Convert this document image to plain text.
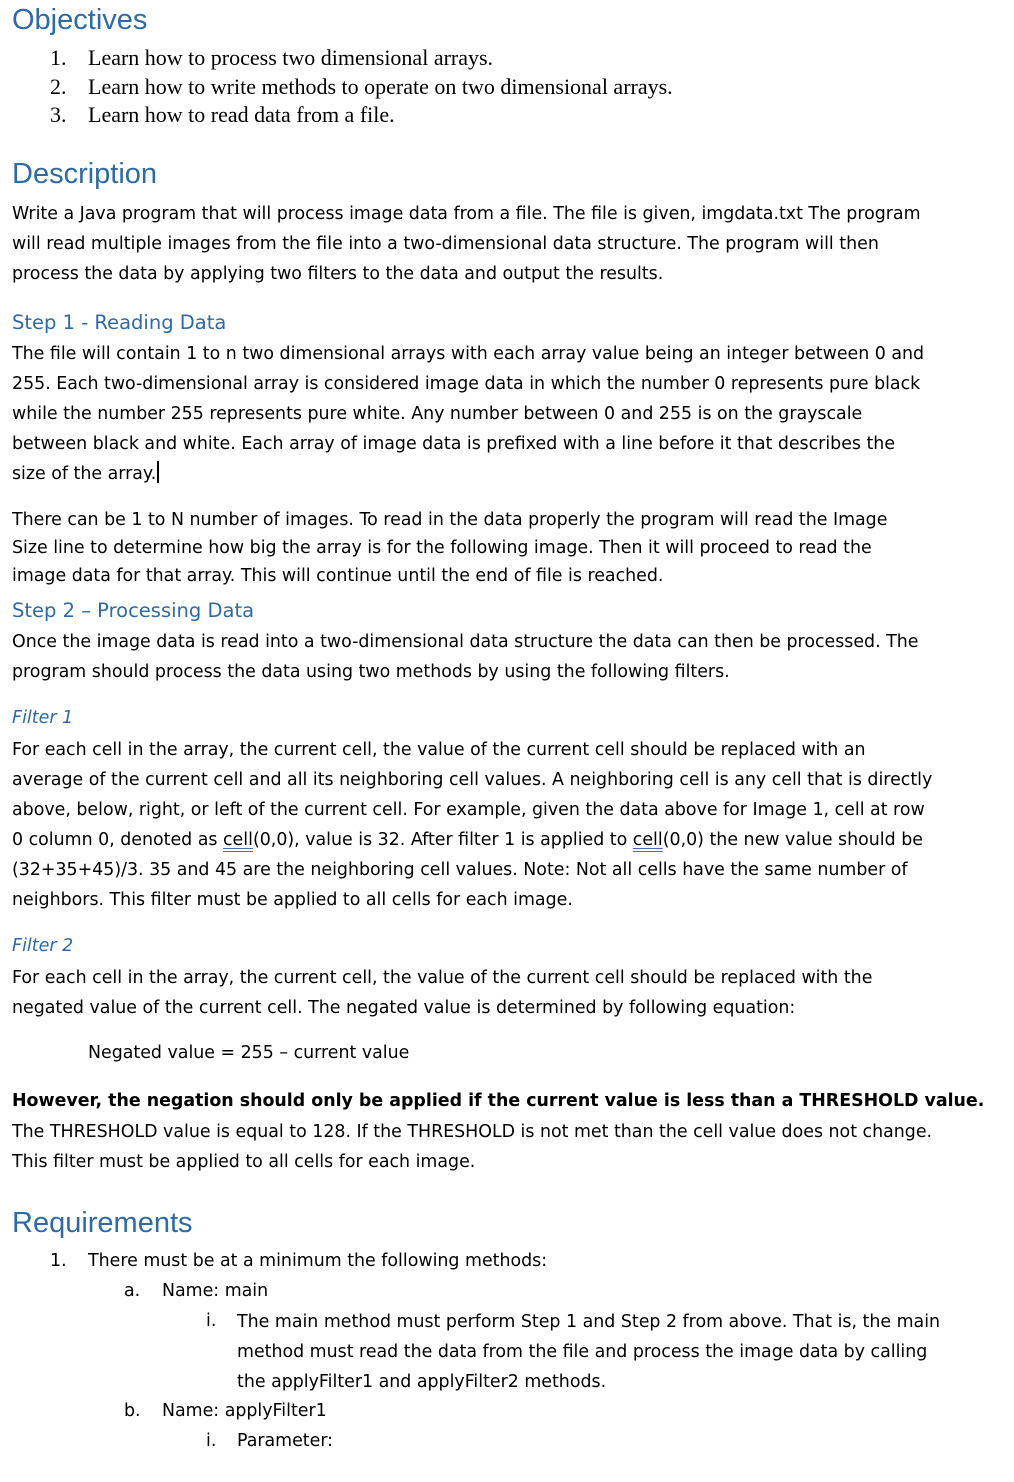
Objectives
1. Learn how to process two dimensional arrays.
2. Learn how to write methods to operate on two dimensional arrays.
3. Learn how to read data from a file.
Description
Write a Java program that will process image data from a file. The file is given, imgdata.txt The program
will read multiple images from the file into a two-dimensional data structure. The program will then
process the data by applying two filters to the data and output the results.
Step 1 - Reading Data
The file will contain 1 to n two dimensional arrays with each array value being an integer between 0 and
255. Each two-dimensional array is considered image data in which the number 0 represents pure black
while the number 255 represents pure white. Any number between 0 and 255 is on the grayscale
between black and white. Each array of image data is prefixed with a line before it that describes the
size of the array.
There can be 1 to N number of images. To read in the data properly the program will read the Image
Size line to determine how big the array is for the following image. Then it will proceed to read the
image data for that array. This will continue until the end of file is reached.
Step 2 – Processing Data
Once the image data is read into a two-dimensional data structure the data can then be processed. The
program should process the data using two methods by using the following filters.
Filter 1
For each cell in the array, the current cell, the value of the current cell should be replaced with an
average of the current cell and all its neighboring cell values. A neighboring cell is any cell that is directly
above, below, right, or left of the current cell. For example, given the data above for Image 1, cell at row
0 column 0, denoted as cell(0,0), value is 32. After filter 1 is applied to cell(0,0) the new value should be
(32+35+45)/3. 35 and 45 are the neighboring cell values. Note: Not all cells have the same number of
neighbors. This filter must be applied to all cells for each image.
Filter 2
For each cell in the array, the current cell, the value of the current cell should be replaced with the
negated value of the current cell. The negated value is determined by following equation:
Negated value = 255 – current value
However, the negation should only be applied if the current value is less than a THRESHOLD value.
The THRESHOLD value is equal to 128. If the THRESHOLD is not met than the cell value does not change.
This filter must be applied to all cells for each image.
Requirements
1. There must be at a minimum the following methods:
a. Name: main
i. The main method must perform Step 1 and Step 2 from above. That is, the main
method must read the data from the file and process the image data by calling
the applyFilter1 and applyFilter2 methods.
b. Name: applyFilter1
i. Parameter:
